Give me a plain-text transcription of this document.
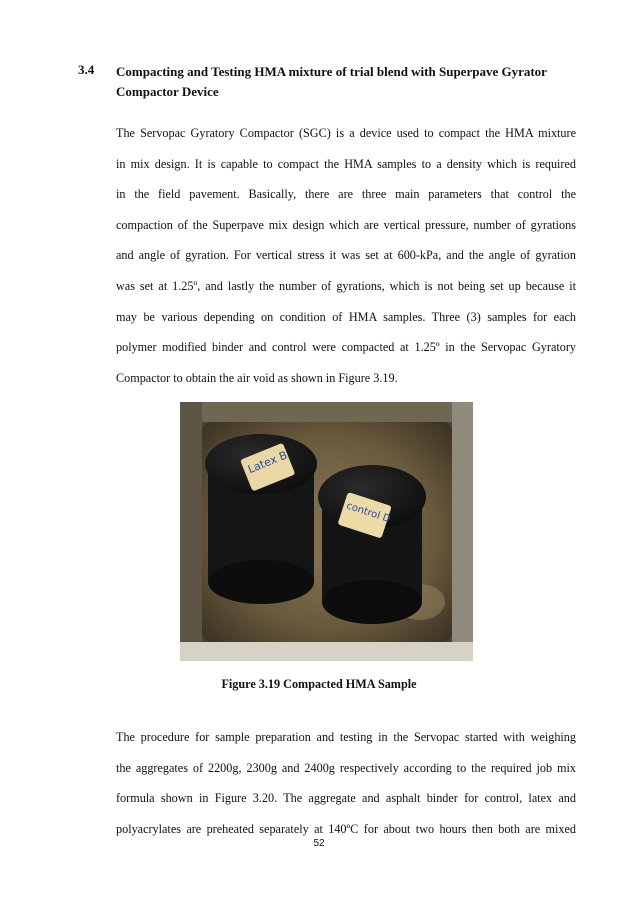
3.4 Compacting and Testing HMA mixture of trial blend with Superpave Gyrator
Compactor Device
The Servopac Gyratory Compactor (SGC) is a device used to compact the HMA mixture
in mix design. It is capable to compact the HMA samples to a density which is required
in the field pavement. Basically, there are three main parameters that control the
compaction of the Superpave mix design which are vertical pressure, number of gyrations
and angle of gyration. For vertical stress it was set at 600-kPa, and the angle of gyration
was set at 1.25º, and lastly the number of gyrations, which is not being set up because it
may be various depending on condition of HMA samples. Three (3) samples for each
polymer modified binder and control were compacted at 1.25º in the Servopac Gyratory
Compactor to obtain the air void as shown in Figure 3.19.
Latex B
control D
Figure 3.19 Compacted HMA Sample
The procedure for sample preparation and testing in the Servopac started with weighing
the aggregates of 2200g, 2300g and 2400g respectively according to the required job mix
formula shown in Figure 3.20. The aggregate and asphalt binder for control, latex and
polyacrylates are preheated separately at 140ºC for about two hours then both are mixed
52
